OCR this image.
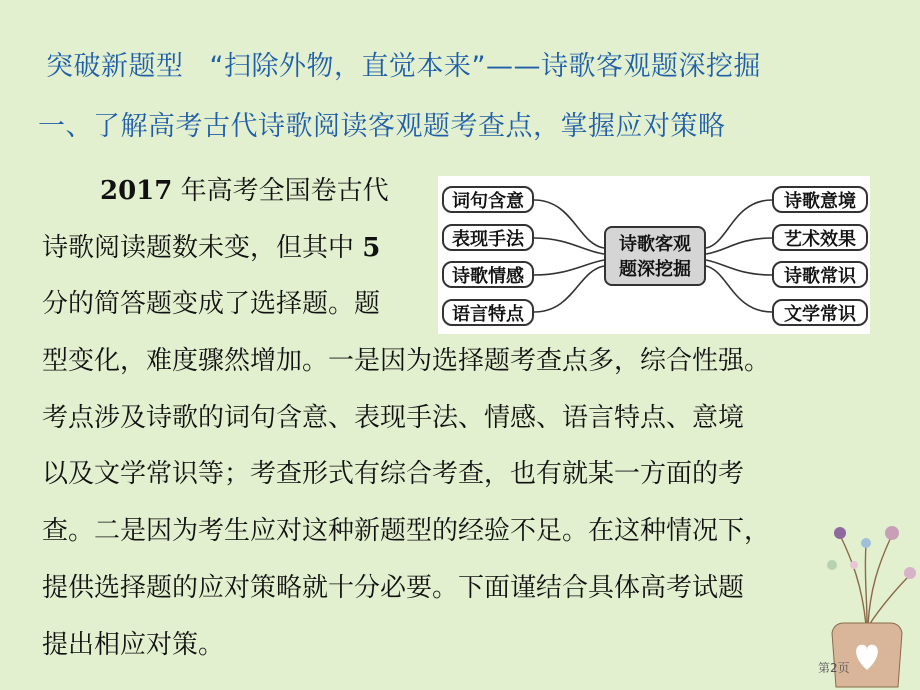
突破新题型 “扫除外物，直觉本来”——诗歌客观题深挖掘
一、了解高考古代诗歌阅读客观题考查点，掌握应对策略
2017 年高考全国卷古代
诗歌阅读题数未变，但其中 5
分的简答题变成了选择题。题
型变化，难度骤然增加。一是因为选择题考查点多，综合性强。
考点涉及诗歌的词句含意、表现手法、情感、语言特点、意境
以及文学常识等；考查形式有综合考查，也有就某一方面的考
查。二是因为考生应对这种新题型的经验不足。在这种情况下，
提供选择题的应对策略就十分必要。下面谨结合具体高考试题
提出相应对策。
词句含意
表现手法
诗歌情感
语言特点
诗歌客观
题深挖掘
诗歌意境
艺术效果
诗歌常识
文学常识
第2页
